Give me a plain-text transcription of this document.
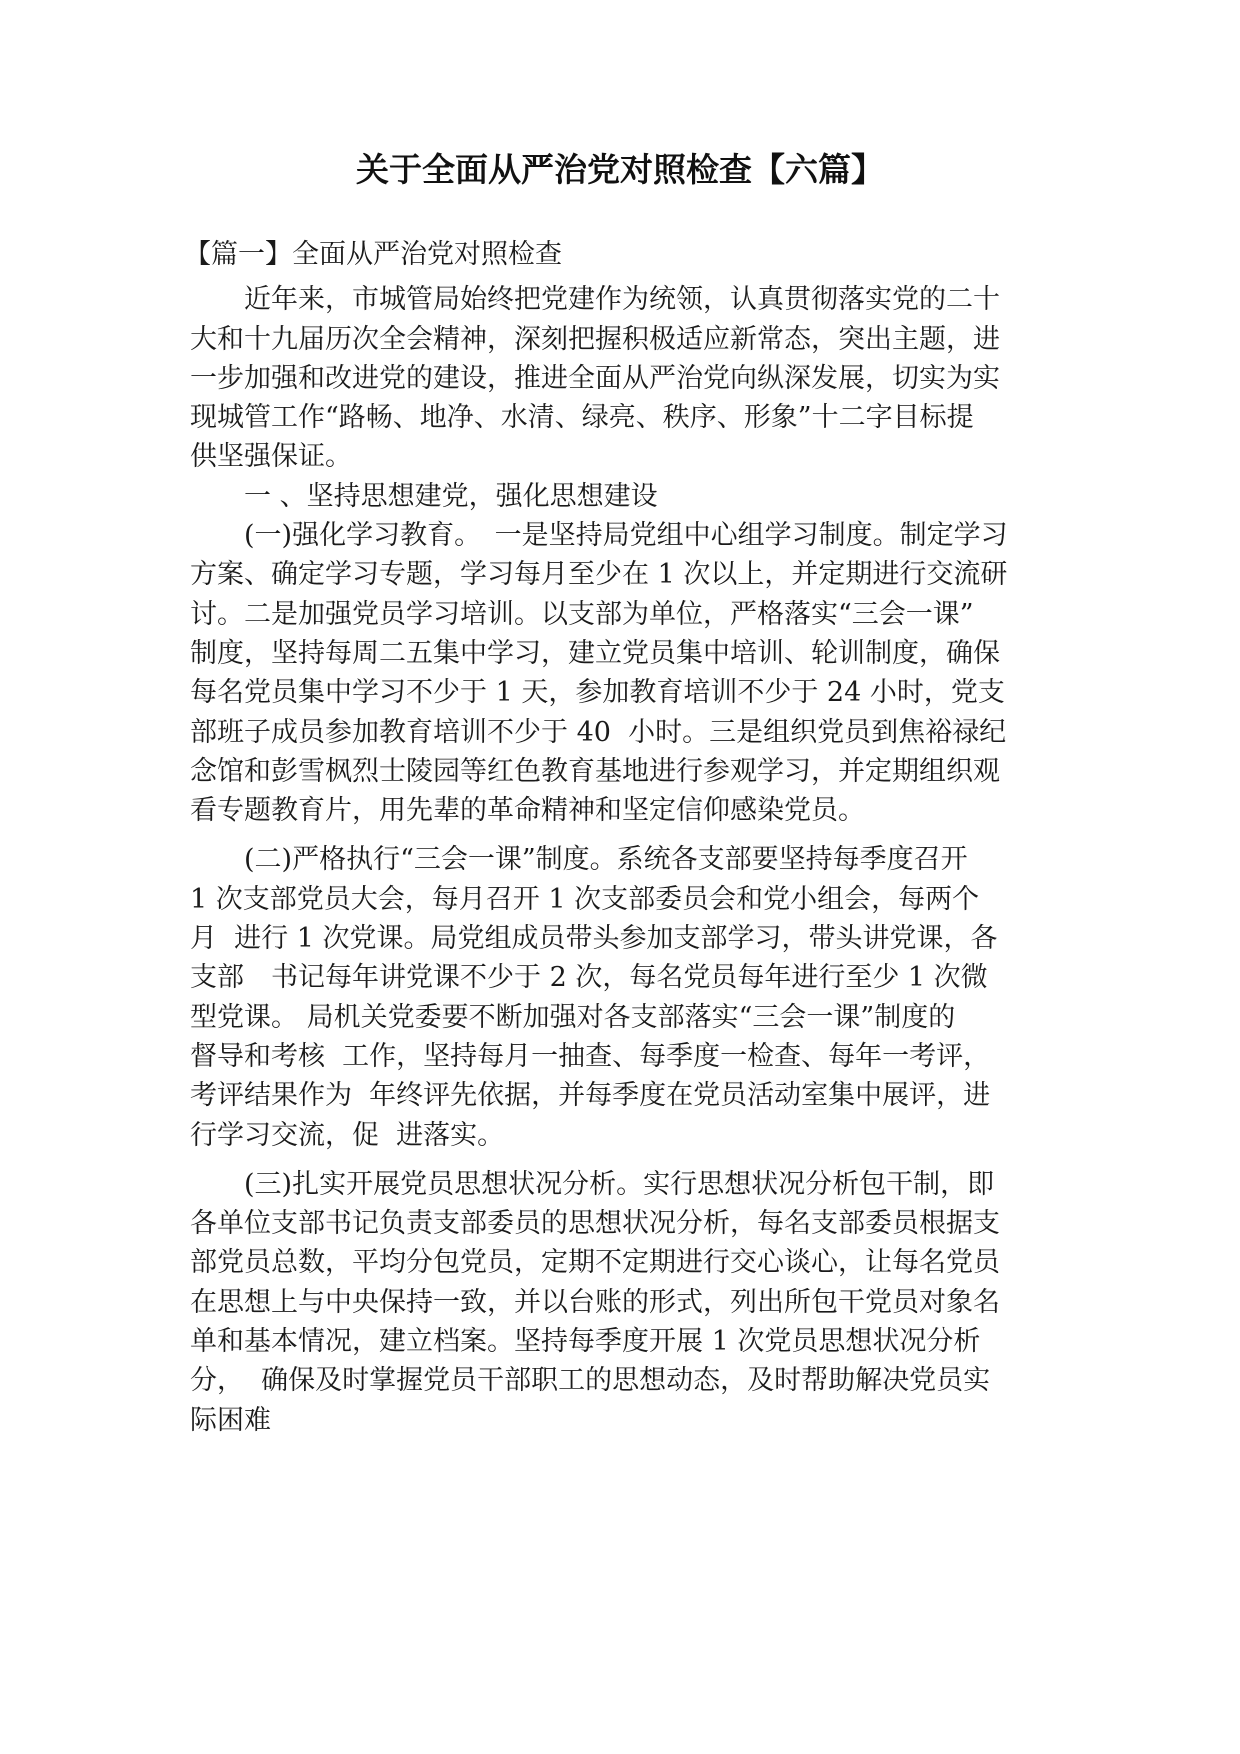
关于全面从严治党对照检查【六篇】
【篇一】全面从严治党对照检查

近年来，市城管局始终把党建作为统领，认真贯彻落实党的二十

大和十九届历次全会精神，深刻把握积极适应新常态，突出主题，进

一步加强和改进党的建设，推进全面从严治党向纵深发展，切实为实

现城管工作“路畅、地净、水清、绿亮、秩序、形象”十二字目标提

供坚强保证。

一 、坚持思想建党，强化思想建设

(一)强化学习教育。　一是坚持局党组中心组学习制度。制定学习

方案、确定学习专题，学习每月至少在 1 次以上，并定期进行交流研

讨。二是加强党员学习培训。以支部为单位，严格落实“三会一课”

制度，坚持每周二五集中学习，建立党员集中培训、轮训制度，确保

每名党员集中学习不少于 1 天，参加教育培训不少于 24 小时，党支

部班子成员参加教育培训不少于 40  小时。三是组织党员到焦裕禄纪

念馆和彭雪枫烈士陵园等红色教育基地进行参观学习，并定期组织观

看专题教育片，用先辈的革命精神和坚定信仰感染党员。

(二)严格执行“三会一课”制度。系统各支部要坚持每季度召开

1 次支部党员大会，每月召开 1 次支部委员会和党小组会，每两个

月  进行 1 次党课。局党组成员带头参加支部学习，带头讲党课，各

支部　书记每年讲党课不少于 2 次，每名党员每年进行至少 1 次微

型党课。 局机关党委要不断加强对各支部落实“三会一课”制度的

督导和考核  工作，坚持每月一抽查、每季度一检查、每年一考评，

考评结果作为  年终评先依据，并每季度在党员活动室集中展评，进

行学习交流，促  进落实。

(三)扎实开展党员思想状况分析。实行思想状况分析包干制，即

各单位支部书记负责支部委员的思想状况分析，每名支部委员根据支

部党员总数，平均分包党员，定期不定期进行交心谈心，让每名党员

在思想上与中央保持一致，并以台账的形式，列出所包干党员对象名

单和基本情况，建立档案。坚持每季度开展 1 次党员思想状况分析

分，  确保及时掌握党员干部职工的思想动态，及时帮助解决党员实

际困难
